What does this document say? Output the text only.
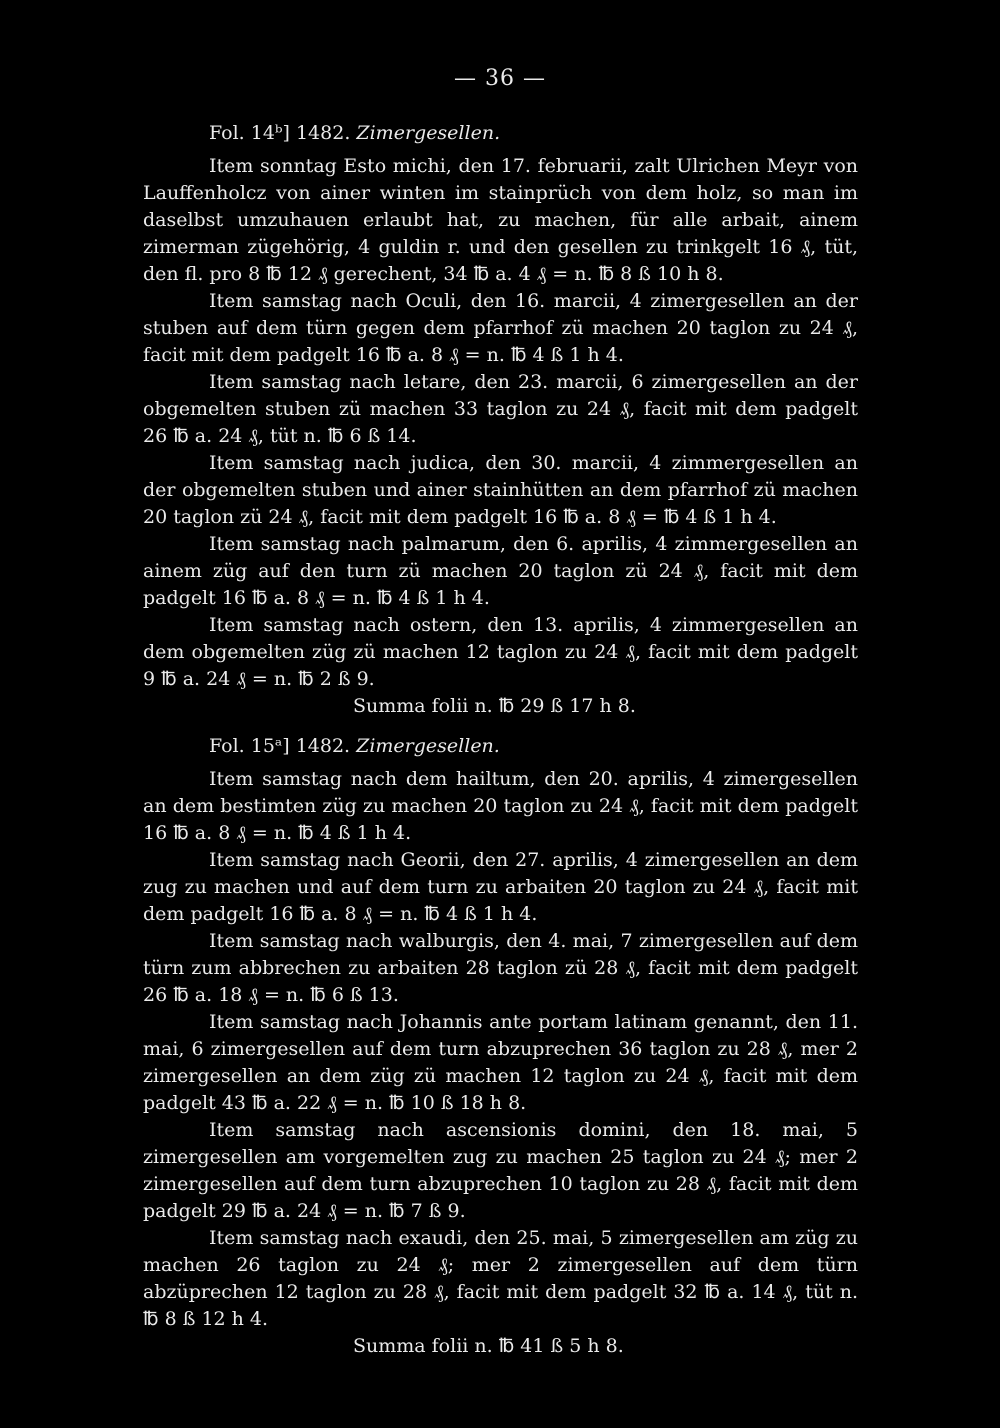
— 36 —

Fol. 14ᵇ] 1482. Zimergesellen.

Item sonntag Esto michi, den 17. februarii, zalt Ulrichen Meyr von Lauffenholcz von ainer winten im stainprüch von dem holz, so man im daselbst umzuhauen erlaubt hat, zu machen, für alle arbait, ainem zimerman zügehörig, 4 guldin r. und den gesellen zu trinkgelt 16 ₰, tüt, den fl. pro 8 ℔ 12 ₰ gerechent, 34 ℔ a. 4 ₰ = n. ℔ 8 ß 10 h 8.

Item samstag nach Oculi, den 16. marcii, 4 zimergesellen an der stuben auf dem türn gegen dem pfarrhof zü machen 20 taglon zu 24 ₰, facit mit dem padgelt 16 ℔ a. 8 ₰ = n. ℔ 4 ß 1 h 4.

Item samstag nach letare, den 23. marcii, 6 zimergesellen an der obgemelten stuben zü machen 33 taglon zu 24 ₰, facit mit dem padgelt 26 ℔ a. 24 ₰, tüt n. ℔ 6 ß 14.

Item samstag nach judica, den 30. marcii, 4 zimmergesellen an der obgemelten stuben und ainer stainhütten an dem pfarrhof zü machen 20 taglon zü 24 ₰, facit mit dem padgelt 16 ℔ a. 8 ₰ = ℔ 4 ß 1 h 4.

Item samstag nach palmarum, den 6. aprilis, 4 zimmergesellen an ainem züg auf den turn zü machen 20 taglon zü 24 ₰, facit mit dem padgelt 16 ℔ a. 8 ₰ = n. ℔ 4 ß 1 h 4.

Item samstag nach ostern, den 13. aprilis, 4 zimmergesellen an dem obgemelten züg zü machen 12 taglon zu 24 ₰, facit mit dem padgelt 9 ℔ a. 24 ₰ = n. ℔ 2 ß 9.

Summa folii n. ℔ 29 ß 17 h 8.

Fol. 15ᵃ] 1482. Zimergesellen.

Item samstag nach dem hailtum, den 20. aprilis, 4 zimergesellen an dem bestimten züg zu machen 20 taglon zu 24 ₰, facit mit dem padgelt 16 ℔ a. 8 ₰ = n. ℔ 4 ß 1 h 4.

Item samstag nach Georii, den 27. aprilis, 4 zimergesellen an dem zug zu machen und auf dem turn zu arbaiten 20 taglon zu 24 ₰, facit mit dem padgelt 16 ℔ a. 8 ₰ = n. ℔ 4 ß 1 h 4.

Item samstag nach walburgis, den 4. mai, 7 zimergesellen auf dem türn zum abbrechen zu arbaiten 28 taglon zü 28 ₰, facit mit dem padgelt 26 ℔ a. 18 ₰ = n. ℔ 6 ß 13.

Item samstag nach Johannis ante portam latinam genannt, den 11. mai, 6 zimergesellen auf dem turn abzuprechen 36 taglon zu 28 ₰, mer 2 zimergesellen an dem züg zü machen 12 taglon zu 24 ₰, facit mit dem padgelt 43 ℔ a. 22 ₰ = n. ℔ 10 ß 18 h 8.

Item samstag nach ascensionis domini, den 18. mai, 5 zimergesellen am vorgemelten zug zu machen 25 taglon zu 24 ₰; mer 2 zimergesellen auf dem turn abzuprechen 10 taglon zu 28 ₰, facit mit dem padgelt 29 ℔ a. 24 ₰ = n. ℔ 7 ß 9.

Item samstag nach exaudi, den 25. mai, 5 zimergesellen am züg zu machen 26 taglon zu 24 ₰; mer 2 zimergesellen auf dem türn abzüprechen 12 taglon zu 28 ₰, facit mit dem padgelt 32 ℔ a. 14 ₰, tüt n. ℔ 8 ß 12 h 4.

Summa folii n. ℔ 41 ß 5 h 8.
